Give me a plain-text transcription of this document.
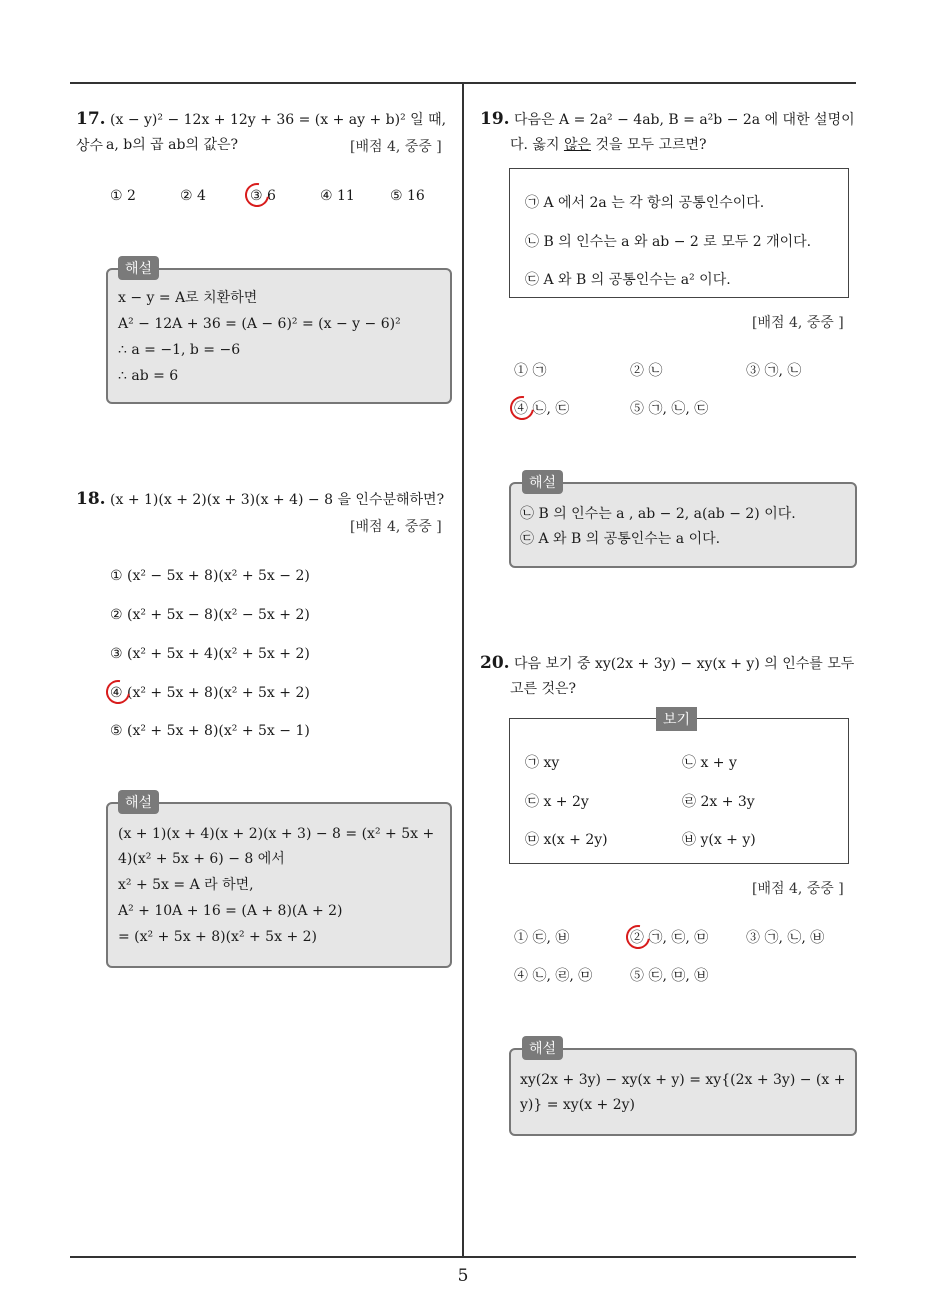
5
17. (x − y)² − 12x + 12y + 36 = (x + ay + b)² 일 때, 상수 a, b의 곱 ab의 값은?	[배점 4, 중중 ]
① 2	② 4	③ 6	④ 11	⑤ 16
해설
x − y = A로 치환하면
A² − 12A + 36 = (A − 6)² = (x − y − 6)²
∴ a = −1, b = −6
∴ ab = 6
18. (x + 1)(x + 2)(x + 3)(x + 4) − 8 을 인수분해하면?
[배점 4, 중중 ]
① (x² − 5x + 8)(x² + 5x − 2)
② (x² + 5x − 8)(x² − 5x + 2)
③ (x² + 5x + 4)(x² + 5x + 2)
④ (x² + 5x + 8)(x² + 5x + 2)
⑤ (x² + 5x + 8)(x² + 5x − 1)
해설
(x + 1)(x + 4)(x + 2)(x + 3) − 8 = (x² + 5x +
4)(x² + 5x + 6) − 8 에서
x² + 5x = A 라 하면,
A² + 10A + 16 = (A + 8)(A + 2)
= (x² + 5x + 8)(x² + 5x + 2)
19. 다음은 A = 2a² − 4ab, B = a²b − 2a 에 대한 설명이
다. 옳지 않은 것을 모두 고르면?
㉠ A 에서 2a 는 각 항의 공통인수이다.
㉡ B 의 인수는 a 와 ab − 2 로 모두 2 개이다.
㉢ A 와 B 의 공통인수는 a² 이다.
[배점 4, 중중 ]
① ㉠	② ㉡	③ ㉠, ㉡
④ ㉡, ㉢	⑤ ㉠, ㉡, ㉢
해설
㉡ B 의 인수는 a , ab − 2, a(ab − 2) 이다.
㉢ A 와 B 의 공통인수는 a 이다.
20. 다음 보기 중 xy(2x + 3y) − xy(x + y) 의 인수를 모두
고른 것은?
보기
㉠ xy	㉡ x + y
㉢ x + 2y	㉣ 2x + 3y
㉤ x(x + 2y)	㉥ y(x + y)
[배점 4, 중중 ]
① ㉢, ㉥	② ㉠, ㉢, ㉤	③ ㉠, ㉡, ㉥
④ ㉡, ㉣, ㉤	⑤ ㉢, ㉤, ㉥
해설
xy(2x + 3y) − xy(x + y) = xy{(2x + 3y) − (x +
y)} = xy(x + 2y)
